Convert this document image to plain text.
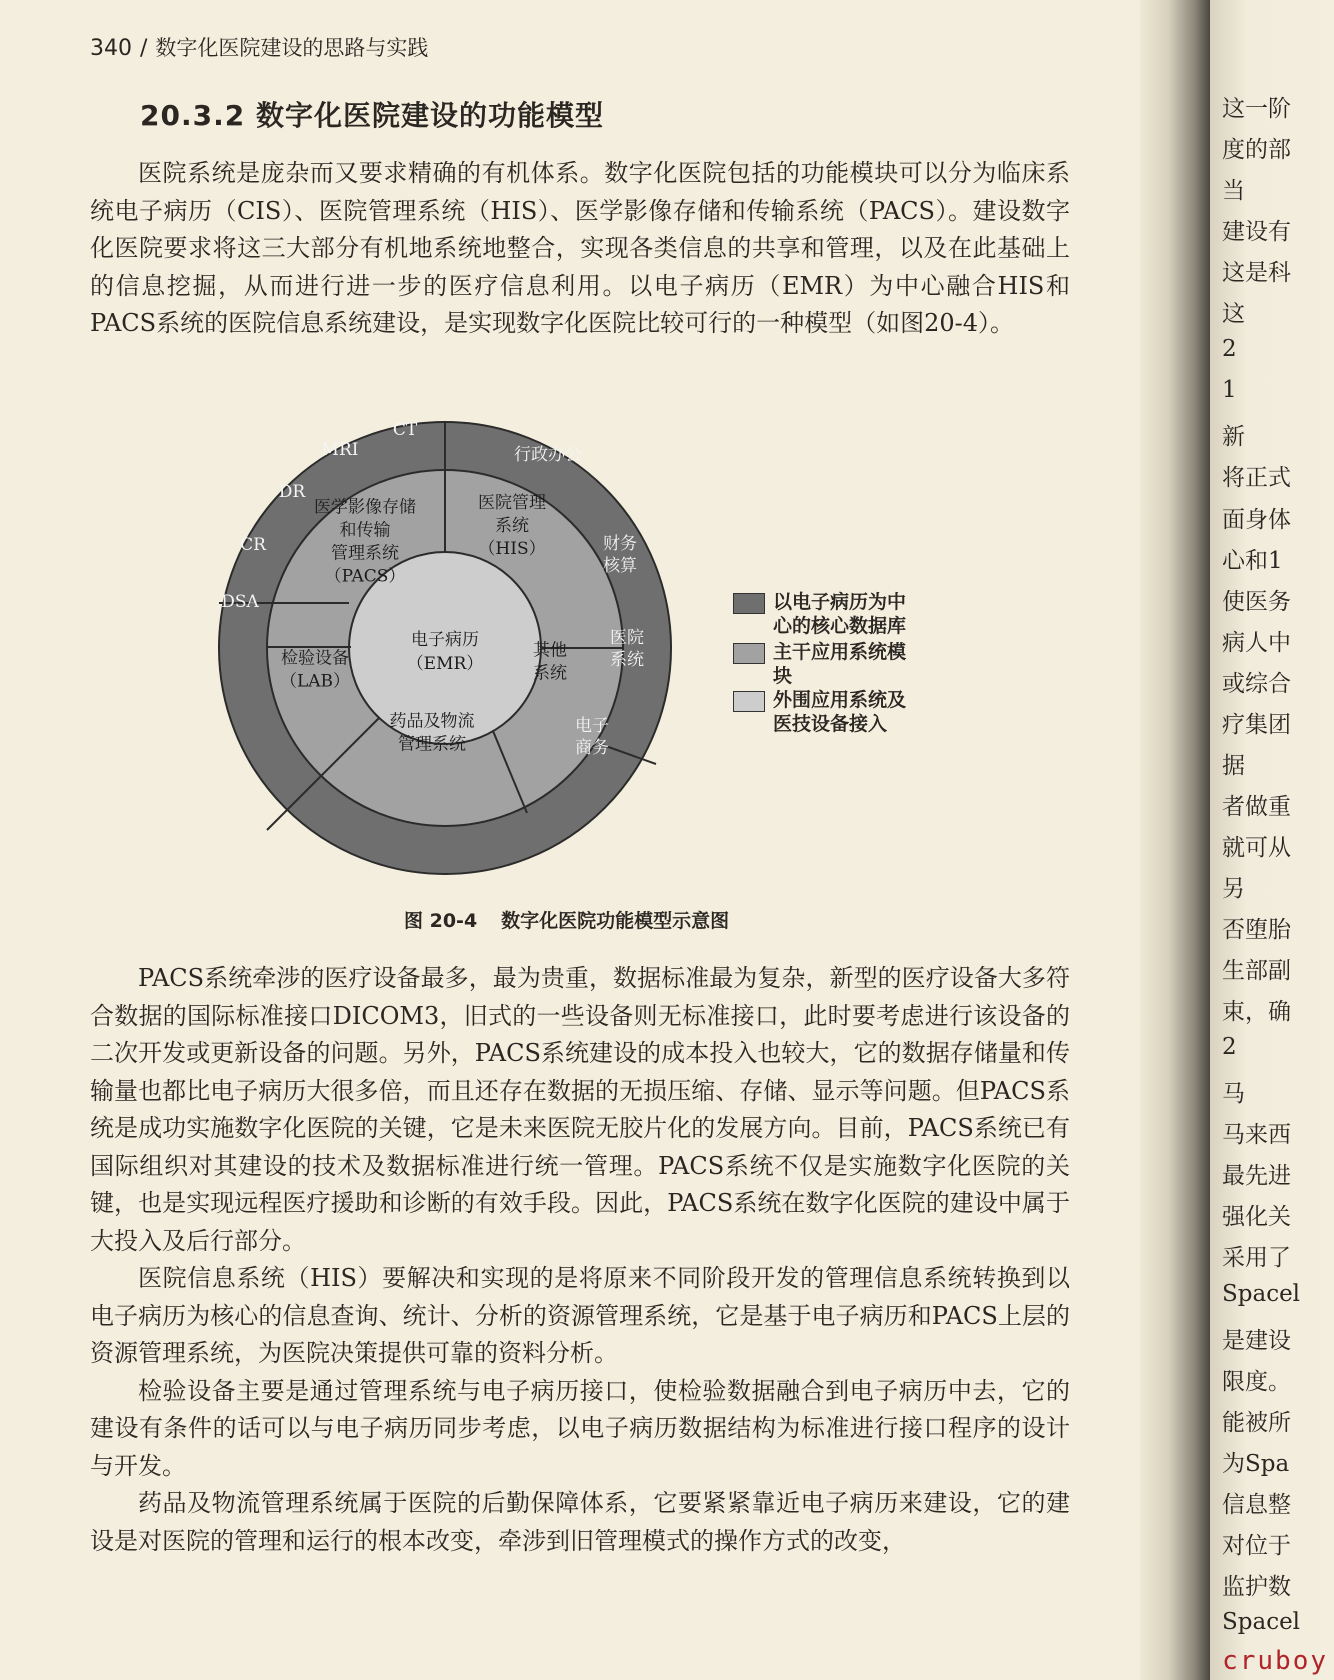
这一阶
度的部
当
建设有
这是科
这
2
1
新
将正式
面身体
心和1
使医务
病人中
或综合
疗集团
据
者做重
就可从
另
否堕胎
生部副
束，确
2
马
马来西
最先进
强化关
采用了
Spacel
是建设
限度。
能被所
为Spa
信息整
对位于
监护数
Spacel
340 / 数字化医院建设的思路与实践
20.3.2 数字化医院建设的功能模型

医院系统是庞杂而又要求精确的有机体系。数字化医院包括的功能模块可以分为临床系统电子病历（CIS）、医院管理系统（HIS）、医学影像存储和传输系统（PACS）。建设数字化医院要求将这三大部分有机地系统地整合，实现各类信息的共享和管理，以及在此基础上的信息挖掘，从而进行进一步的医疗信息利用。以电子病历（EMR）为中心融合HIS和PACS系统的医院信息系统建设，是实现数字化医院比较可行的一种模型（如图20-4）。

CT
MRI
DR
CR
DSA
行政办公
财务核算
医院系统
电子商务
医学影像存储和传输管理系统（PACS）
医院管理系统（HIS）
检验设备（LAB）
药品及物流管理系统
其他系统
电子病历（EMR）
以电子病历为中心的核心数据库
主干应用系统模块
外围应用系统及医技设备接入
图 20-4 数字化医院功能模型示意图

PACS系统牵涉的医疗设备最多，最为贵重，数据标准最为复杂，新型的医疗设备大多符合数据的国际标准接口DICOM3，旧式的一些设备则无标准接口，此时要考虑进行该设备的二次开发或更新设备的问题。另外，PACS系统建设的成本投入也较大，它的数据存储量和传输量也都比电子病历大很多倍，而且还存在数据的无损压缩、存储、显示等问题。但PACS系统是成功实施数字化医院的关键，它是未来医院无胶片化的发展方向。目前，PACS系统已有国际组织对其建设的技术及数据标准进行统一管理。PACS系统不仅是实施数字化医院的关键，也是实现远程医疗援助和诊断的有效手段。因此，PACS系统在数字化医院的建设中属于大投入及后行部分。

医院信息系统（HIS）要解决和实现的是将原来不同阶段开发的管理信息系统转换到以电子病历为核心的信息查询、统计、分析的资源管理系统，它是基于电子病历和PACS上层的资源管理系统，为医院决策提供可靠的资料分析。

检验设备主要是通过管理系统与电子病历接口，使检验数据融合到电子病历中去，它的建设有条件的话可以与电子病历同步考虑，以电子病历数据结构为标准进行接口程序的设计与开发。

药品及物流管理系统属于医院的后勤保障体系，它要紧紧靠近电子病历来建设，它的建设是对医院的管理和运行的根本改变，牵涉到旧管理模式的操作方式的改变，

cruboy
